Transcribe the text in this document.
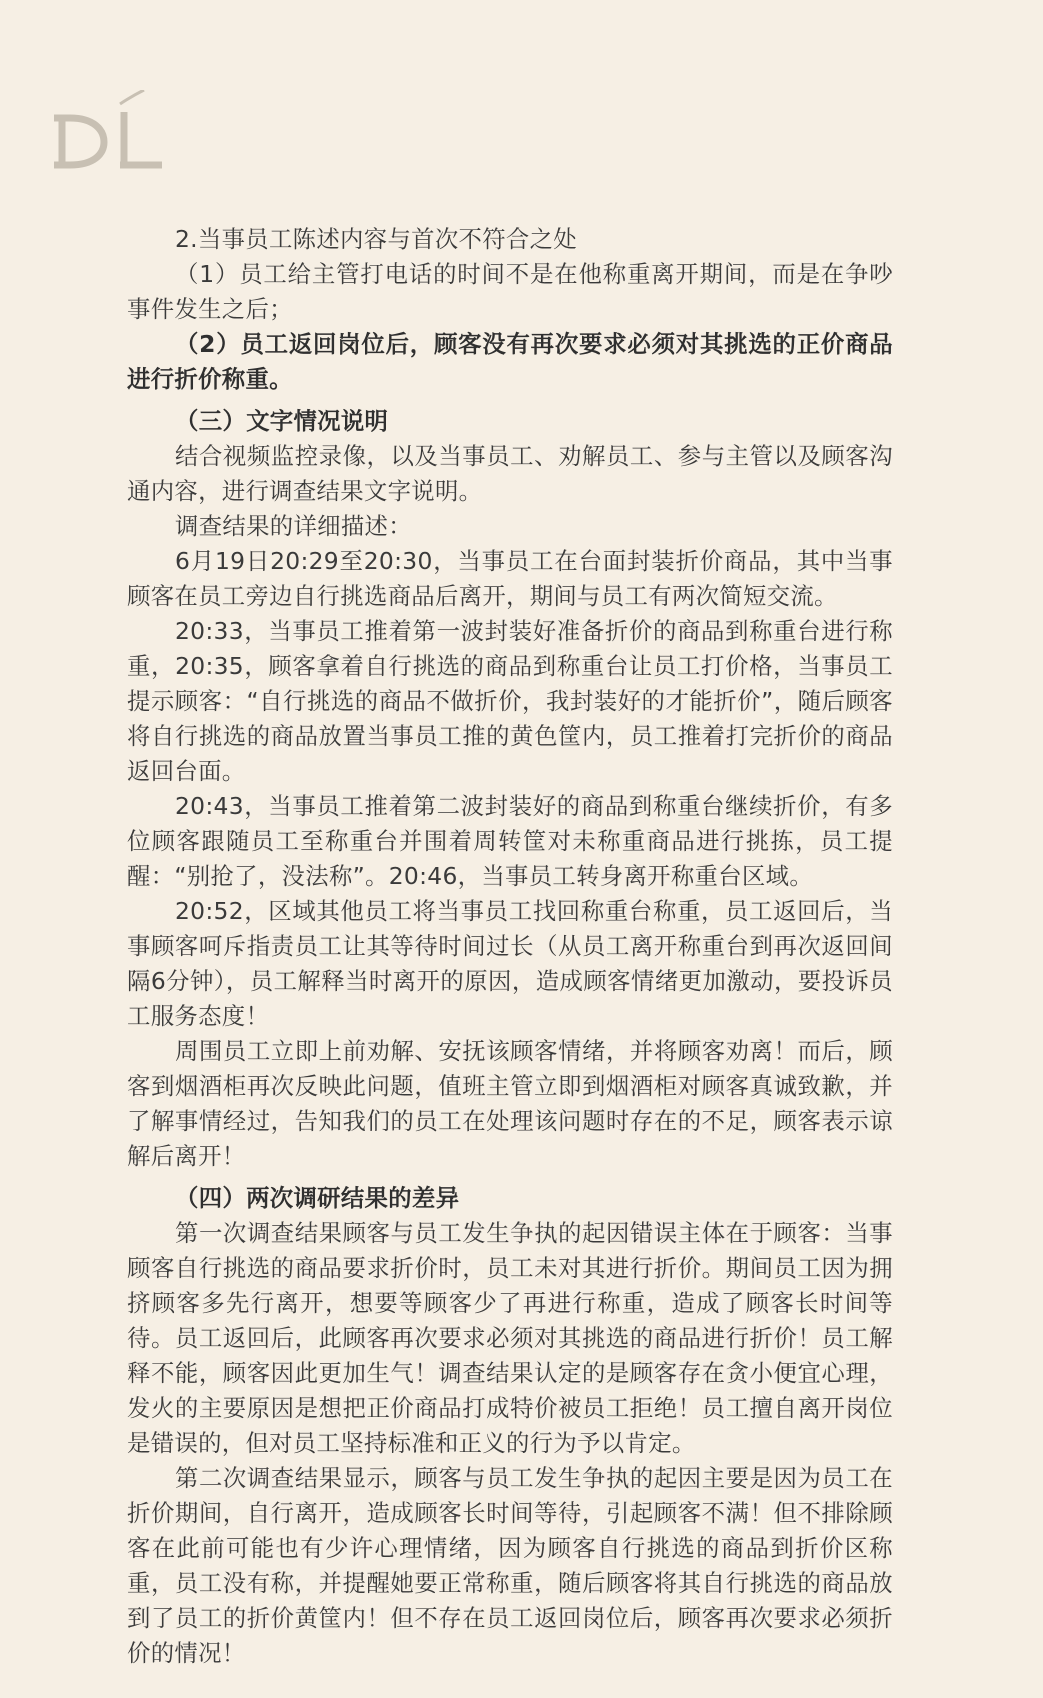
2.当事员工陈述内容与首次不符合之处

（1）员工给主管打电话的时间不是在他称重离开期间，而是在争吵事件发生之后；

（2）员工返回岗位后，顾客没有再次要求必须对其挑选的正价商品进行折价称重。

（三）文字情况说明

结合视频监控录像，以及当事员工、劝解员工、参与主管以及顾客沟通内容，进行调查结果文字说明。

调查结果的详细描述：

6月19日20:29至20:30，当事员工在台面封装折价商品，其中当事顾客在员工旁边自行挑选商品后离开，期间与员工有两次简短交流。

20:33，当事员工推着第一波封装好准备折价的商品到称重台进行称重，20:35，顾客拿着自行挑选的商品到称重台让员工打价格，当事员工提示顾客：“自行挑选的商品不做折价，我封装好的才能折价”，随后顾客将自行挑选的商品放置当事员工推的黄色筐内，员工推着打完折价的商品返回台面。

20:43，当事员工推着第二波封装好的商品到称重台继续折价，有多位顾客跟随员工至称重台并围着周转筐对未称重商品进行挑拣，员工提醒：“别抢了，没法称”。20:46，当事员工转身离开称重台区域。

20:52，区域其他员工将当事员工找回称重台称重，员工返回后，当事顾客呵斥指责员工让其等待时间过长（从员工离开称重台到再次返回间隔6分钟），员工解释当时离开的原因，造成顾客情绪更加激动，要投诉员工服务态度！

周围员工立即上前劝解、安抚该顾客情绪，并将顾客劝离！而后，顾客到烟酒柜再次反映此问题，值班主管立即到烟酒柜对顾客真诚致歉，并了解事情经过，告知我们的员工在处理该问题时存在的不足，顾客表示谅解后离开！

（四）两次调研结果的差异

第一次调查结果顾客与员工发生争执的起因错误主体在于顾客：当事顾客自行挑选的商品要求折价时，员工未对其进行折价。期间员工因为拥挤顾客多先行离开，想要等顾客少了再进行称重，造成了顾客长时间等待。员工返回后，此顾客再次要求必须对其挑选的商品进行折价！员工解释不能，顾客因此更加生气！调查结果认定的是顾客存在贪小便宜心理，发火的主要原因是想把正价商品打成特价被员工拒绝！员工擅自离开岗位是错误的，但对员工坚持标准和正义的行为予以肯定。

第二次调查结果显示，顾客与员工发生争执的起因主要是因为员工在折价期间，自行离开，造成顾客长时间等待，引起顾客不满！但不排除顾客在此前可能也有少许心理情绪，因为顾客自行挑选的商品到折价区称重，员工没有称，并提醒她要正常称重，随后顾客将其自行挑选的商品放到了员工的折价黄筐内！但不存在员工返回岗位后，顾客再次要求必须折价的情况！
